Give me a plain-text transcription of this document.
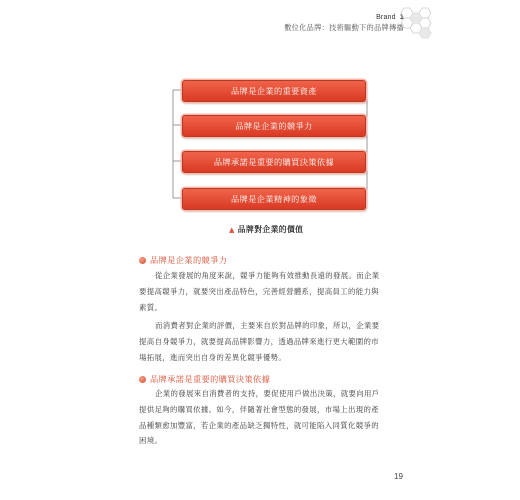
Brand 1
數位化品牌：技術驅動下的品牌傳播
品牌是企業的重要資產
品牌是企業的競爭力
品牌承諾是重要的購買決策依據
品牌是企業精神的象徵
▲ 品牌對企業的價值
品牌是企業的競爭力
從企業發展的角度來說，競爭力能夠有效推動長遠的發展。而企業
要提高競爭力，就要突出產品特色，完善經營體系，提高員工的能力與
素質。
而消費者對企業的評價，主要來自於對品牌的印象，所以，企業要
提高自身競爭力，就要提高品牌影響力，透過品牌來進行更大範圍的市
場拓展，進而突出自身的差異化競爭優勢。
品牌承諾是重要的購買決策依據
企業的發展來自消費者的支持，要促使用戶做出決策，就要向用戶
提供足夠的購買依據。如今，伴隨著社會型態的發展，市場上出現的產
品種類愈加豐富，若企業的產品缺乏獨特性，就可能陷入同質化競爭的
困境。
19
